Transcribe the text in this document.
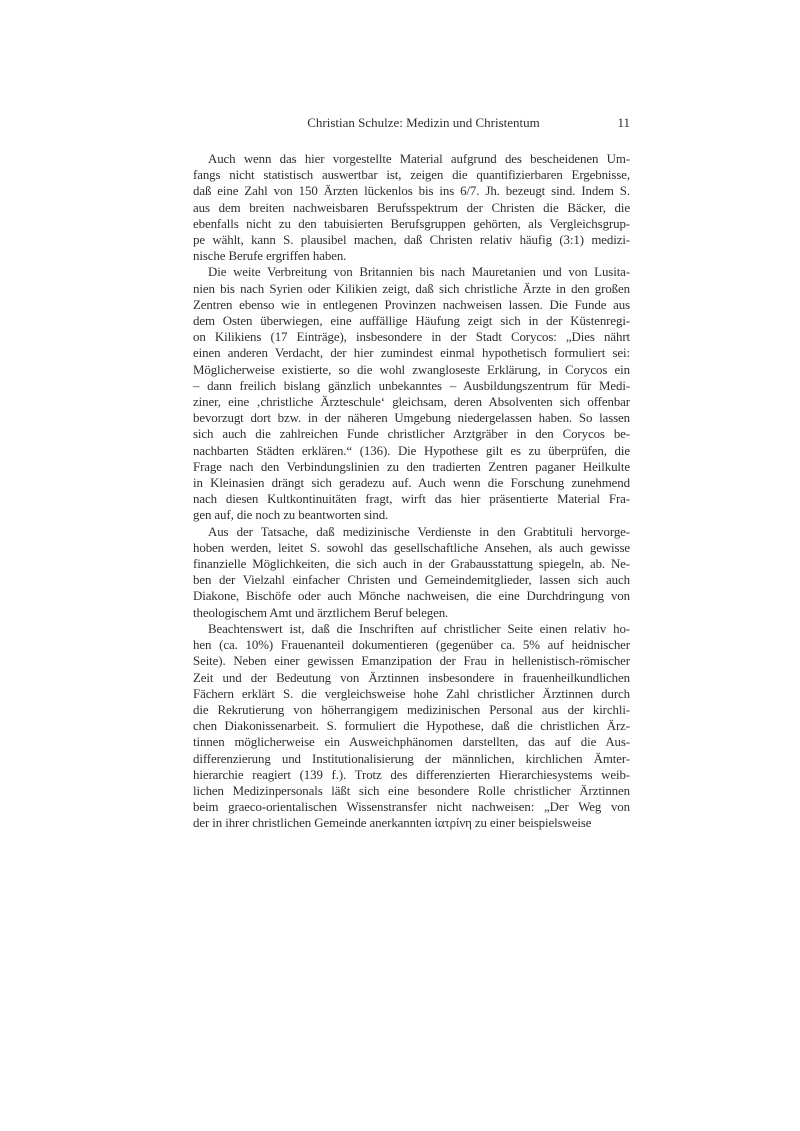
Christian Schulze: Medizin und Christentum	11
Auch wenn das hier vorgestellte Material aufgrund des bescheidenen Um-
fangs nicht statistisch auswertbar ist, zeigen die quantifizierbaren Ergebnisse,
daß eine Zahl von 150 Ärzten lückenlos bis ins 6/7. Jh. bezeugt sind. Indem S.
aus dem breiten nachweisbaren Berufsspektrum der Christen die Bäcker, die
ebenfalls nicht zu den tabuisierten Berufsgruppen gehörten, als Vergleichsgrup-
pe wählt, kann S. plausibel machen, daß Christen relativ häufig (3:1) medizi-
nische Berufe ergriffen haben.
Die weite Verbreitung von Britannien bis nach Mauretanien und von Lusita-
nien bis nach Syrien oder Kilikien zeigt, daß sich christliche Ärzte in den großen
Zentren ebenso wie in entlegenen Provinzen nachweisen lassen. Die Funde aus
dem Osten überwiegen, eine auffällige Häufung zeigt sich in der Küstenregi-
on Kilikiens (17 Einträge), insbesondere in der Stadt Corycos: „Dies nährt
einen anderen Verdacht, der hier zumindest einmal hypothetisch formuliert sei:
Möglicherweise existierte, so die wohl zwangloseste Erklärung, in Corycos ein
– dann freilich bislang gänzlich unbekanntes – Ausbildungszentrum für Medi-
ziner, eine ‚christliche Ärzteschule‘ gleichsam, deren Absolventen sich offenbar
bevorzugt dort bzw. in der näheren Umgebung niedergelassen haben. So lassen
sich auch die zahlreichen Funde christlicher Arztgräber in den Corycos be-
nachbarten Städten erklären.“ (136). Die Hypothese gilt es zu überprüfen, die
Frage nach den Verbindungslinien zu den tradierten Zentren paganer Heilkulte
in Kleinasien drängt sich geradezu auf. Auch wenn die Forschung zunehmend
nach diesen Kultkontinuitäten fragt, wirft das hier präsentierte Material Fra-
gen auf, die noch zu beantworten sind.
Aus der Tatsache, daß medizinische Verdienste in den Grabtituli hervorge-
hoben werden, leitet S. sowohl das gesellschaftliche Ansehen, als auch gewisse
finanzielle Möglichkeiten, die sich auch in der Grabausstattung spiegeln, ab. Ne-
ben der Vielzahl einfacher Christen und Gemeindemitglieder, lassen sich auch
Diakone, Bischöfe oder auch Mönche nachweisen, die eine Durchdringung von
theologischem Amt und ärztlichem Beruf belegen.
Beachtenswert ist, daß die Inschriften auf christlicher Seite einen relativ ho-
hen (ca. 10%) Frauenanteil dokumentieren (gegenüber ca. 5% auf heidnischer
Seite). Neben einer gewissen Emanzipation der Frau in hellenistisch-römischer
Zeit und der Bedeutung von Ärztinnen insbesondere in frauenheilkundlichen
Fächern erklärt S. die vergleichsweise hohe Zahl christlicher Ärztinnen durch
die Rekrutierung von höherrangigem medizinischen Personal aus der kirchli-
chen Diakonissenarbeit. S. formuliert die Hypothese, daß die christlichen Ärz-
tinnen möglicherweise ein Ausweichphänomen darstellten, das auf die Aus-
differenzierung und Institutionalisierung der männlichen, kirchlichen Ämter-
hierarchie reagiert (139 f.). Trotz des differenzierten Hierarchiesystems weib-
lichen Medizinpersonals läßt sich eine besondere Rolle christlicher Ärztinnen
beim graeco-orientalischen Wissenstransfer nicht nachweisen: „Der Weg von
der in ihrer christlichen Gemeinde anerkannten ἰατρίνη zu einer beispielsweise
